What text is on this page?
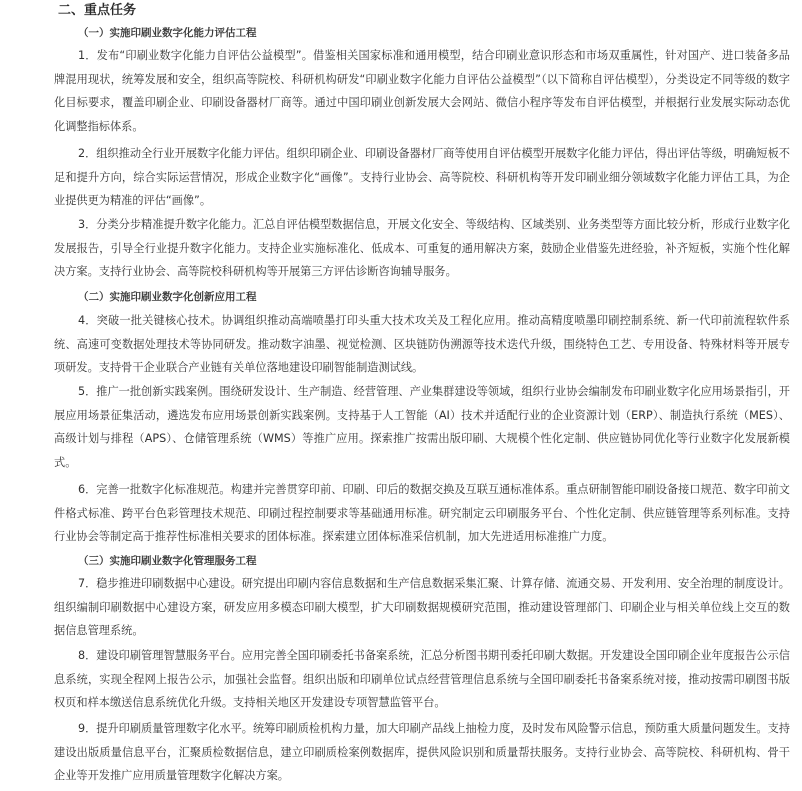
二、重点任务
（一）实施印刷业数字化能力评估工程
1．发布“印刷业数字化能力自评估公益模型”。借鉴相关国家标准和通用模型，结合印刷业意识形态和市场双重属性，针对国产、进口装备多品牌混用现状，统筹发展和安全，组织高等院校、科研机构研发“印刷业数字化能力自评估公益模型”（以下简称自评估模型），分类设定不同等级的数字化目标要求，覆盖印刷企业、印刷设备器材厂商等。通过中国印刷业创新发展大会网站、微信小程序等发布自评估模型，并根据行业发展实际动态优化调整指标体系。
2．组织推动全行业开展数字化能力评估。组织印刷企业、印刷设备器材厂商等使用自评估模型开展数字化能力评估，得出评估等级，明确短板不足和提升方向，综合实际运营情况，形成企业数字化“画像”。支持行业协会、高等院校、科研机构等开发印刷业细分领域数字化能力评估工具，为企业提供更为精准的评估“画像”。
3．分类分步精准提升数字化能力。汇总自评估模型数据信息，开展文化安全、等级结构、区域类别、业务类型等方面比较分析，形成行业数字化发展报告，引导全行业提升数字化能力。支持企业实施标准化、低成本、可重复的通用解决方案，鼓励企业借鉴先进经验，补齐短板，实施个性化解决方案。支持行业协会、高等院校科研机构等开展第三方评估诊断咨询辅导服务。
（二）实施印刷业数字化创新应用工程
4．突破一批关键核心技术。协调组织推动高端喷墨打印头重大技术攻关及工程化应用。推动高精度喷墨印刷控制系统、新一代印前流程软件系统、高速可变数据处理技术等协同研发。推动数字油墨、视觉检测、区块链防伪溯源等技术迭代升级，围绕特色工艺、专用设备、特殊材料等开展专项研发。支持骨干企业联合产业链有关单位落地建设印刷智能制造测试线。
5．推广一批创新实践案例。围绕研发设计、生产制造、经营管理、产业集群建设等领域，组织行业协会编制发布印刷业数字化应用场景指引，开展应用场景征集活动，遴选发布应用场景创新实践案例。支持基于人工智能（AI）技术并适配行业的企业资源计划（ERP）、制造执行系统（MES）、高级计划与排程（APS）、仓储管理系统（WMS）等推广应用。探索推广按需出版印刷、大规模个性化定制、供应链协同优化等行业数字化发展新模式。
6．完善一批数字化标准规范。构建并完善贯穿印前、印刷、印后的数据交换及互联互通标准体系。重点研制智能印刷设备接口规范、数字印前文件格式标准、跨平台色彩管理技术规范、印刷过程控制要求等基础通用标准。研究制定云印刷服务平台、个性化定制、供应链管理等系列标准。支持行业协会等制定高于推荐性标准相关要求的团体标准。探索建立团体标准采信机制，加大先进适用标准推广力度。
（三）实施印刷业数字化管理服务工程
7．稳步推进印刷数据中心建设。研究提出印刷内容信息数据和生产信息数据采集汇聚、计算存储、流通交易、开发利用、安全治理的制度设计。组织编制印刷数据中心建设方案，研发应用多模态印刷大模型，扩大印刷数据规模研究范围，推动建设管理部门、印刷企业与相关单位线上交互的数据信息管理系统。
8．建设印刷管理智慧服务平台。应用完善全国印刷委托书备案系统，汇总分析图书期刊委托印刷大数据。开发建设全国印刷企业年度报告公示信息系统，实现全程网上报告公示，加强社会监督。组织出版和印刷单位试点经营管理信息系统与全国印刷委托书备案系统对接，推动按需印刷图书版权页和样本缴送信息系统优化升级。支持相关地区开发建设专项智慧监管平台。
9．提升印刷质量管理数字化水平。统筹印刷质检机构力量，加大印刷产品线上抽检力度，及时发布风险警示信息，预防重大质量问题发生。支持建设出版质量信息平台，汇聚质检数据信息，建立印刷质检案例数据库，提供风险识别和质量帮扶服务。支持行业协会、高等院校、科研机构、骨干企业等开发推广应用质量管理数字化解决方案。
